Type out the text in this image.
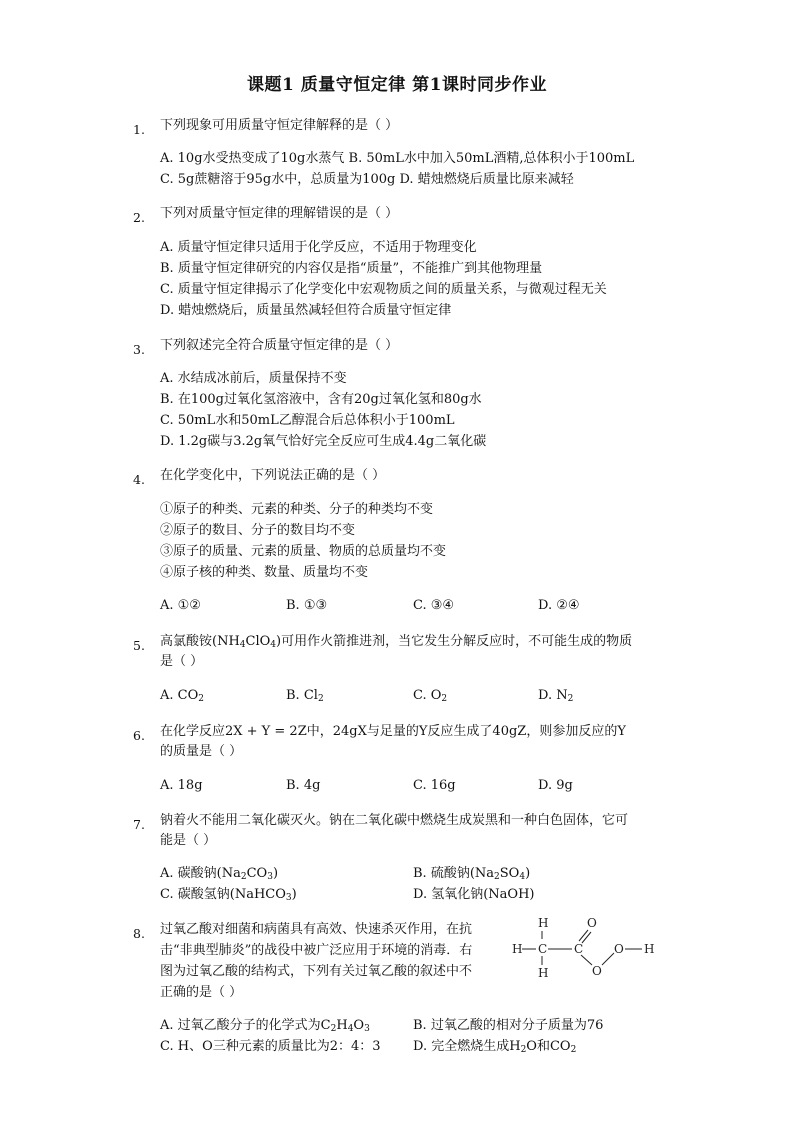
课题1 质量守恒定律 第1课时同步作业
1. 下列现象可用质量守恒定律解释的是（ ）
A. 10g水受热变成了10g水蒸气 B. 50mL水中加入50mL酒精,总体积小于100mL
C. 5g蔗糖溶于95g水中，总质量为100g D. 蜡烛燃烧后质量比原来减轻
2. 下列对质量守恒定律的理解错误的是（ ）
A. 质量守恒定律只适用于化学反应，不适用于物理变化
B. 质量守恒定律研究的内容仅是指“质量”，不能推广到其他物理量
C. 质量守恒定律揭示了化学变化中宏观物质之间的质量关系，与微观过程无关
D. 蜡烛燃烧后，质量虽然减轻但符合质量守恒定律
3. 下列叙述完全符合质量守恒定律的是（ ）
A. 水结成冰前后，质量保持不变
B. 在100g过氧化氢溶液中，含有20g过氧化氢和80g水
C. 50mL水和50mL乙醇混合后总体积小于100mL
D. 1.2g碳与3.2g氧气恰好完全反应可生成4.4g二氧化碳
4. 在化学变化中，下列说法正确的是（ ）
①原子的种类、元素的种类、分子的种类均不变
②原子的数目、分子的数目均不变
③原子的质量、元素的质量、物质的总质量均不变
④原子核的种类、数量、质量均不变
A. ①②	B. ①③	C. ③④	D. ②④
5. 高氯酸铵$(NH_4ClO_4)$可用作火箭推进剂，当它发生分解反应时，不可能生成的物质
是（ ）
A. $CO_2$	B. $Cl_2$	C. $O_2$	D. $N_2$
6. 在化学反应2X + Y = 2Z中，24gX与足量的Y反应生成了40gZ，则参加反应的Y
的质量是（ ）
A. 18g	B. 4g	C. 16g	D. 9g
7. 钠着火不能用二氧化碳灭火。钠在二氧化碳中燃烧生成炭黑和一种白色固体，它可
能是（ ）
A. 碳酸钠$(Na_2CO_3)$	B. 硫酸钠$(Na_2SO_4)$
C. 碳酸氢钠(NaHCO$_3$)	D. 氢氧化钠(NaOH)
8. 过氧乙酸对细菌和病菌具有高效、快速杀灭作用，在抗
击“非典型肺炎”的战役中被广泛应用于环境的消毒．右
图为过氧乙酸的结构式，下列有关过氧乙酸的叙述中不
正确的是（ ）
H
H C
H
C
O
O
O H
A. 过氧乙酸分子的化学式为$C_2H_4O_3$	B. 过氧乙酸的相对分子质量为76
C. H、O三种元素的质量比为2：4：3 D. 完全燃烧生成$H_2O$和$CO_2$
